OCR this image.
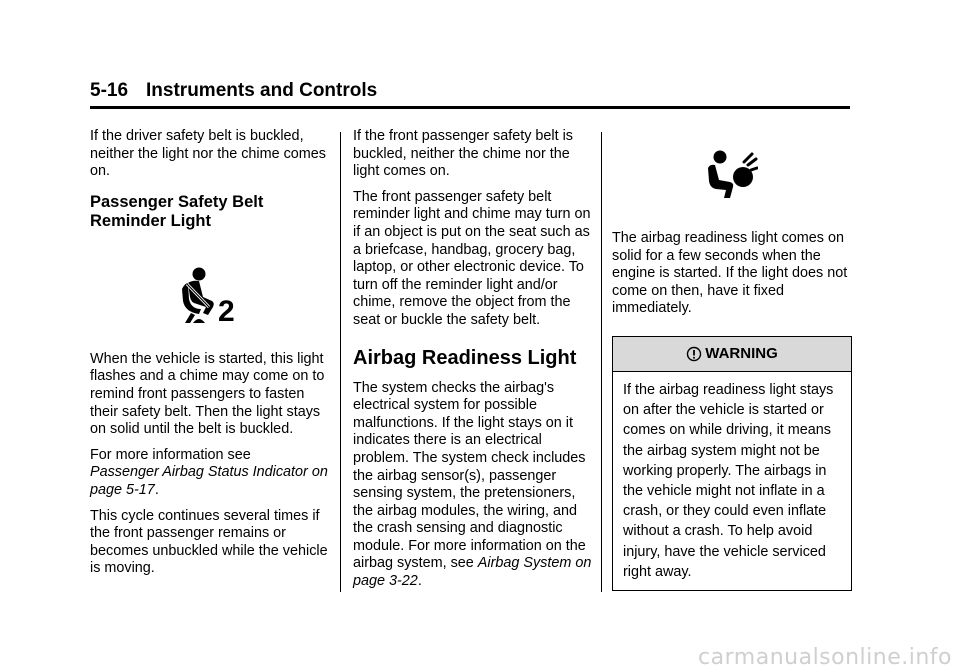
5-16 Instruments and Controls

If the driver safety belt is buckled, neither the light nor the chime comes on.

Passenger Safety Belt Reminder Light
2

When the vehicle is started, this light flashes and a chime may come on to remind front passengers to fasten their safety belt. Then the light stays on solid until the belt is buckled.

For more information see
Passenger Airbag Status Indicator on page 5-17.

This cycle continues several times if the front passenger remains or becomes unbuckled while the vehicle is moving.

If the front passenger safety belt is buckled, neither the chime nor the light comes on.

The front passenger safety belt reminder light and chime may turn on if an object is put on the seat such as a briefcase, handbag, grocery bag, laptop, or other electronic device. To turn off the reminder light and/or chime, remove the object from the seat or buckle the safety belt.

Airbag Readiness Light

The system checks the airbag's electrical system for possible malfunctions. If the light stays on it indicates there is an electrical problem. The system check includes the airbag sensor(s), passenger sensing system, the pretensioners, the airbag modules, the wiring, and the crash sensing and diagnostic module. For more information on the airbag system, see Airbag System on page 3-22.

The airbag readiness light comes on solid for a few seconds when the engine is started. If the light does not come on then, have it fixed immediately.

WARNING
If the airbag readiness light stays on after the vehicle is started or comes on while driving, it means the airbag system might not be working properly. The airbags in the vehicle might not inflate in a crash, or they could even inflate without a crash. To help avoid injury, have the vehicle serviced right away.
carmanualsonline.info
